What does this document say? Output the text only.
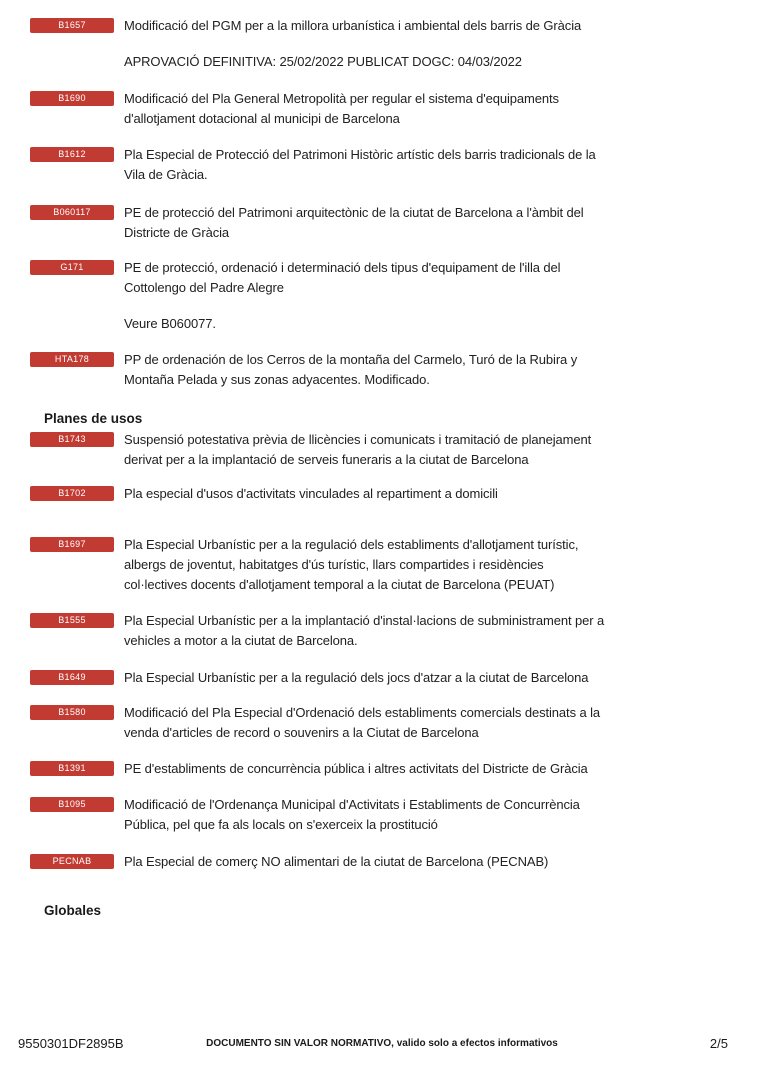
B1657	Modificació del PGM per a la millora urbanística i ambiental dels barris de Gràcia

APROVACIÓ DEFINITIVA: 25/02/2022 PUBLICAT DOGC: 04/03/2022

B1690	Modificació del Pla General Metropolità per regular el sistema d'equipaments d'allotjament dotacional al municipi de Barcelona

B1612	Pla Especial de Protecció del Patrimoni Històric artístic dels barris tradicionals de la Vila de Gràcia.

B060117	PE de protecció del Patrimoni arquitectònic de la ciutat de Barcelona a l'àmbit del Districte de Gràcia

G171	PE de protecció, ordenació i determinació dels tipus d'equipament de l'illa del Cottolengo del Padre Alegre

Veure B060077.

HTA178	PP de ordenación de los Cerros de la montaña del Carmelo, Turó de la Rubira y Montaña Pelada y sus zonas adyacentes. Modificado.

Planes de usos
B1743	Suspensió potestativa prèvia de llicències i comunicats i tramitació de planejament derivat per a la implantació de serveis funeraris a la ciutat de Barcelona

B1702	Pla especial d'usos d'activitats vinculades al repartiment a domicili

B1697	Pla Especial Urbanístic per a la regulació dels establiments d'allotjament turístic, albergs de joventut, habitatges d'ús turístic, llars compartides i residències col·lectives docents d'allotjament temporal a la ciutat de Barcelona (PEUAT)

B1555	Pla Especial Urbanístic per a la implantació d'instal·lacions de subministrament per a vehicles a motor a la ciutat de Barcelona.

B1649	Pla Especial Urbanístic per a la regulació dels jocs d'atzar a la ciutat de Barcelona

B1580	Modificació del Pla Especial d'Ordenació dels establiments comercials destinats a la venda d'articles de record o souvenirs a la Ciutat de Barcelona

B1391	PE d'establiments de concurrència pública i altres activitats del Districte de Gràcia

B1095	Modificació de l'Ordenança Municipal d'Activitats i Establiments de Concurrència Pública, pel que fa als locals on s'exerceix la prostitució

PECNAB	Pla Especial de comerç NO alimentari de la ciutat de Barcelona (PECNAB)

Globales
9550301DF2895B	DOCUMENTO SIN VALOR NORMATIVO, valido solo a efectos informativos	2/5
